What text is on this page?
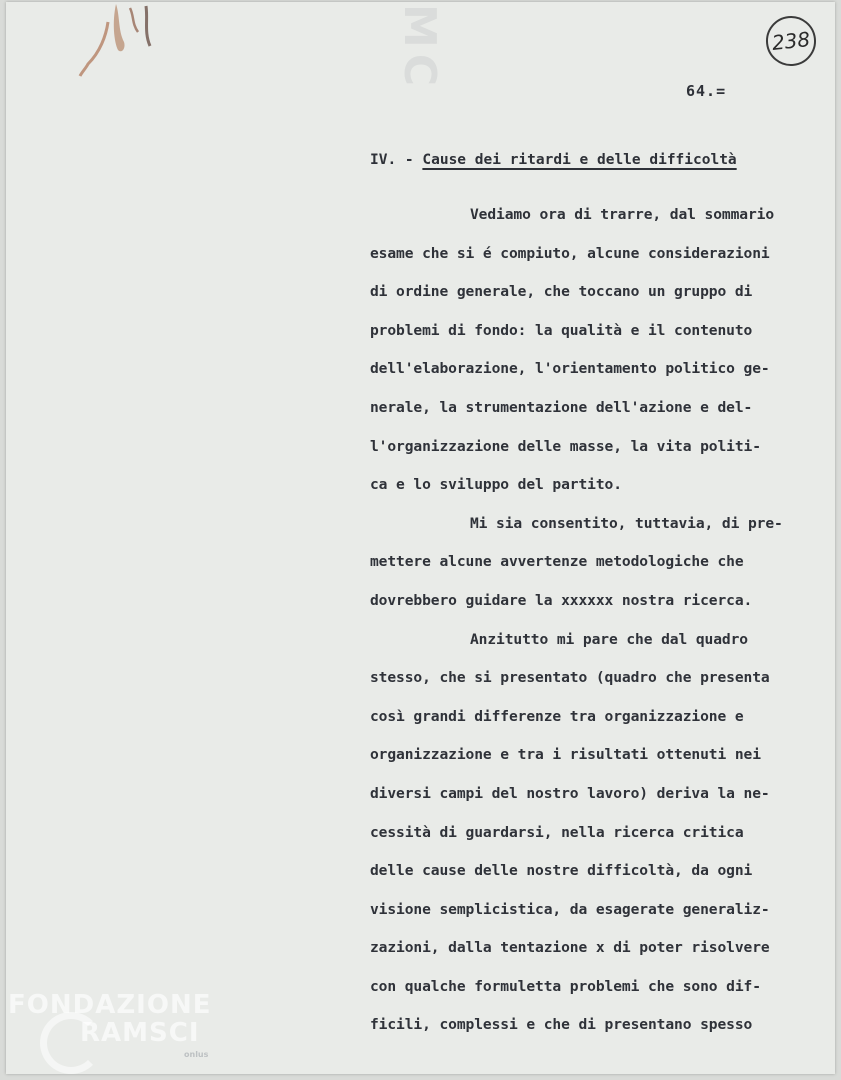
MC	238
64.=
IV. - Cause dei ritardi e delle difficoltà
Vediamo ora di trarre, dal sommario
esame che si é compiuto, alcune considerazioni
di ordine generale, che toccano un gruppo di
problemi di fondo: la qualità e il contenuto
dell'elaborazione, l'orientamento politico ge-
nerale, la strumentazione dell'azione e del-
l'organizzazione delle masse, la vita politi-
ca e lo sviluppo del partito.
Mi sia consentito, tuttavia, di pre-
mettere alcune avvertenze metodologiche che
dovrebbero guidare la xxxxxx nostra ricerca.
Anzitutto mi pare che dal quadro
stesso, che si presentato (quadro che presenta
così grandi differenze tra organizzazione e
organizzazione e tra i risultati ottenuti nei
diversi campi del nostro lavoro) deriva la ne-
cessità di guardarsi, nella ricerca critica
delle cause delle nostre difficoltà, da ogni
visione semplicistica, da esagerate generaliz-
zazioni, dalla tentazione x di poter risolvere
con qualche formuletta problemi che sono dif-
ficili, complessi e che di presentano spesso
FONDAZIONE
RAMSCI
onlus
